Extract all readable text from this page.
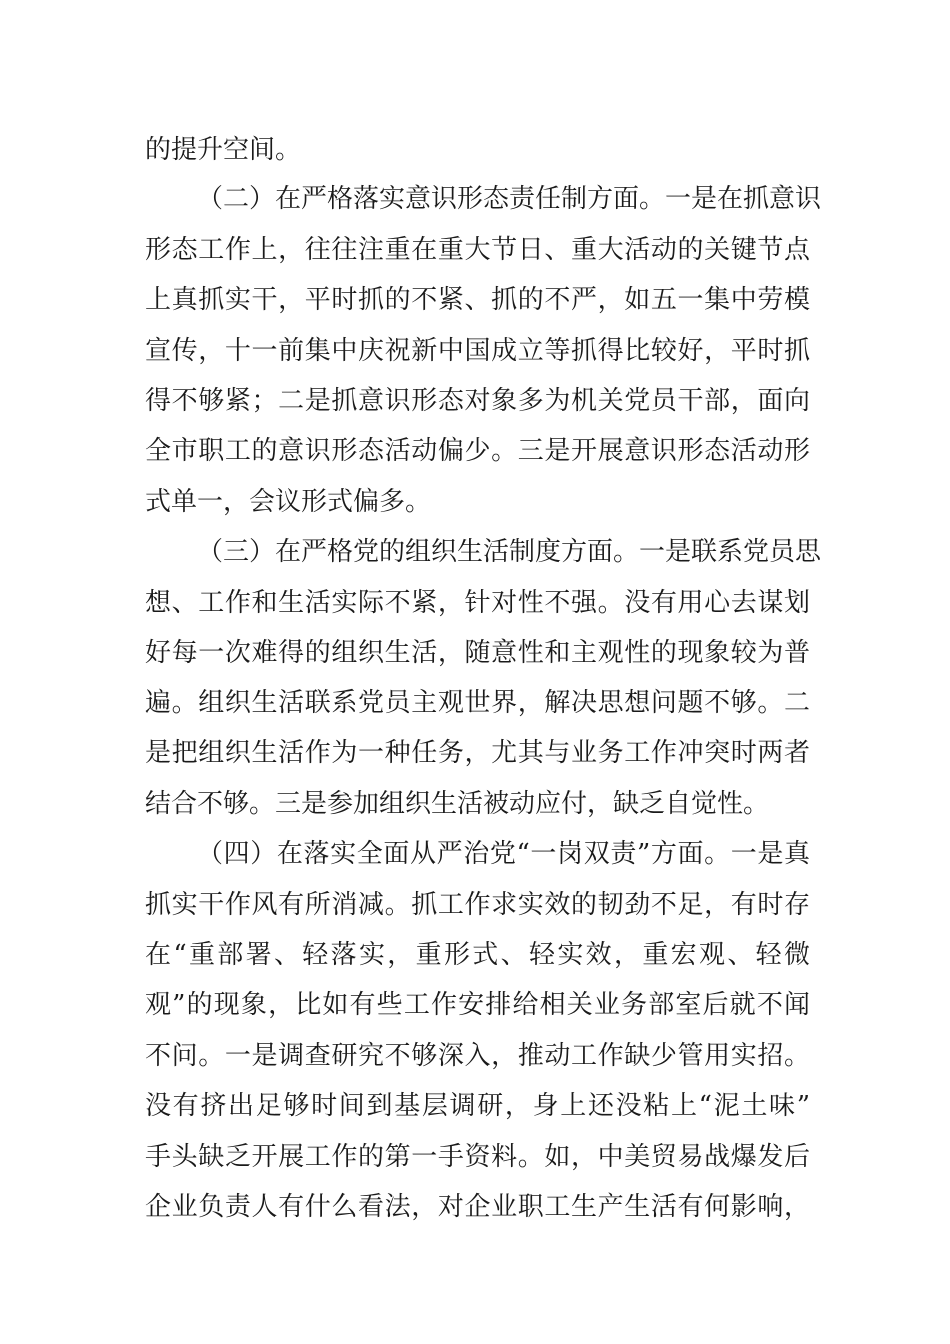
的提升空间。
（二）在严格落实意识形态责任制方面。一是在抓意识
形态工作上，往往注重在重大节日、重大活动的关键节点
上真抓实干，平时抓的不紧、抓的不严，如五一集中劳模
宣传，十一前集中庆祝新中国成立等抓得比较好，平时抓
得不够紧；二是抓意识形态对象多为机关党员干部，面向
全市职工的意识形态活动偏少。三是开展意识形态活动形
式单一，会议形式偏多。
（三）在严格党的组织生活制度方面。一是联系党员思
想、工作和生活实际不紧，针对性不强。没有用心去谋划
好每一次难得的组织生活，随意性和主观性的现象较为普
遍。组织生活联系党员主观世界，解决思想问题不够。二
是把组织生活作为一种任务，尤其与业务工作冲突时两者
结合不够。三是参加组织生活被动应付，缺乏自觉性。
（四）在落实全面从严治党“一岗双责”方面。一是真
抓实干作风有所消减。抓工作求实效的韧劲不足，有时存
在“重部署、轻落实，重形式、轻实效，重宏观、轻微
观”的现象，比如有些工作安排给相关业务部室后就不闻
不问。一是调查研究不够深入，推动工作缺少管用实招。
没有挤出足够时间到基层调研，身上还没粘上“泥土味”
手头缺乏开展工作的第一手资料。如，中美贸易战爆发后
企业负责人有什么看法，对企业职工生产生活有何影响，
